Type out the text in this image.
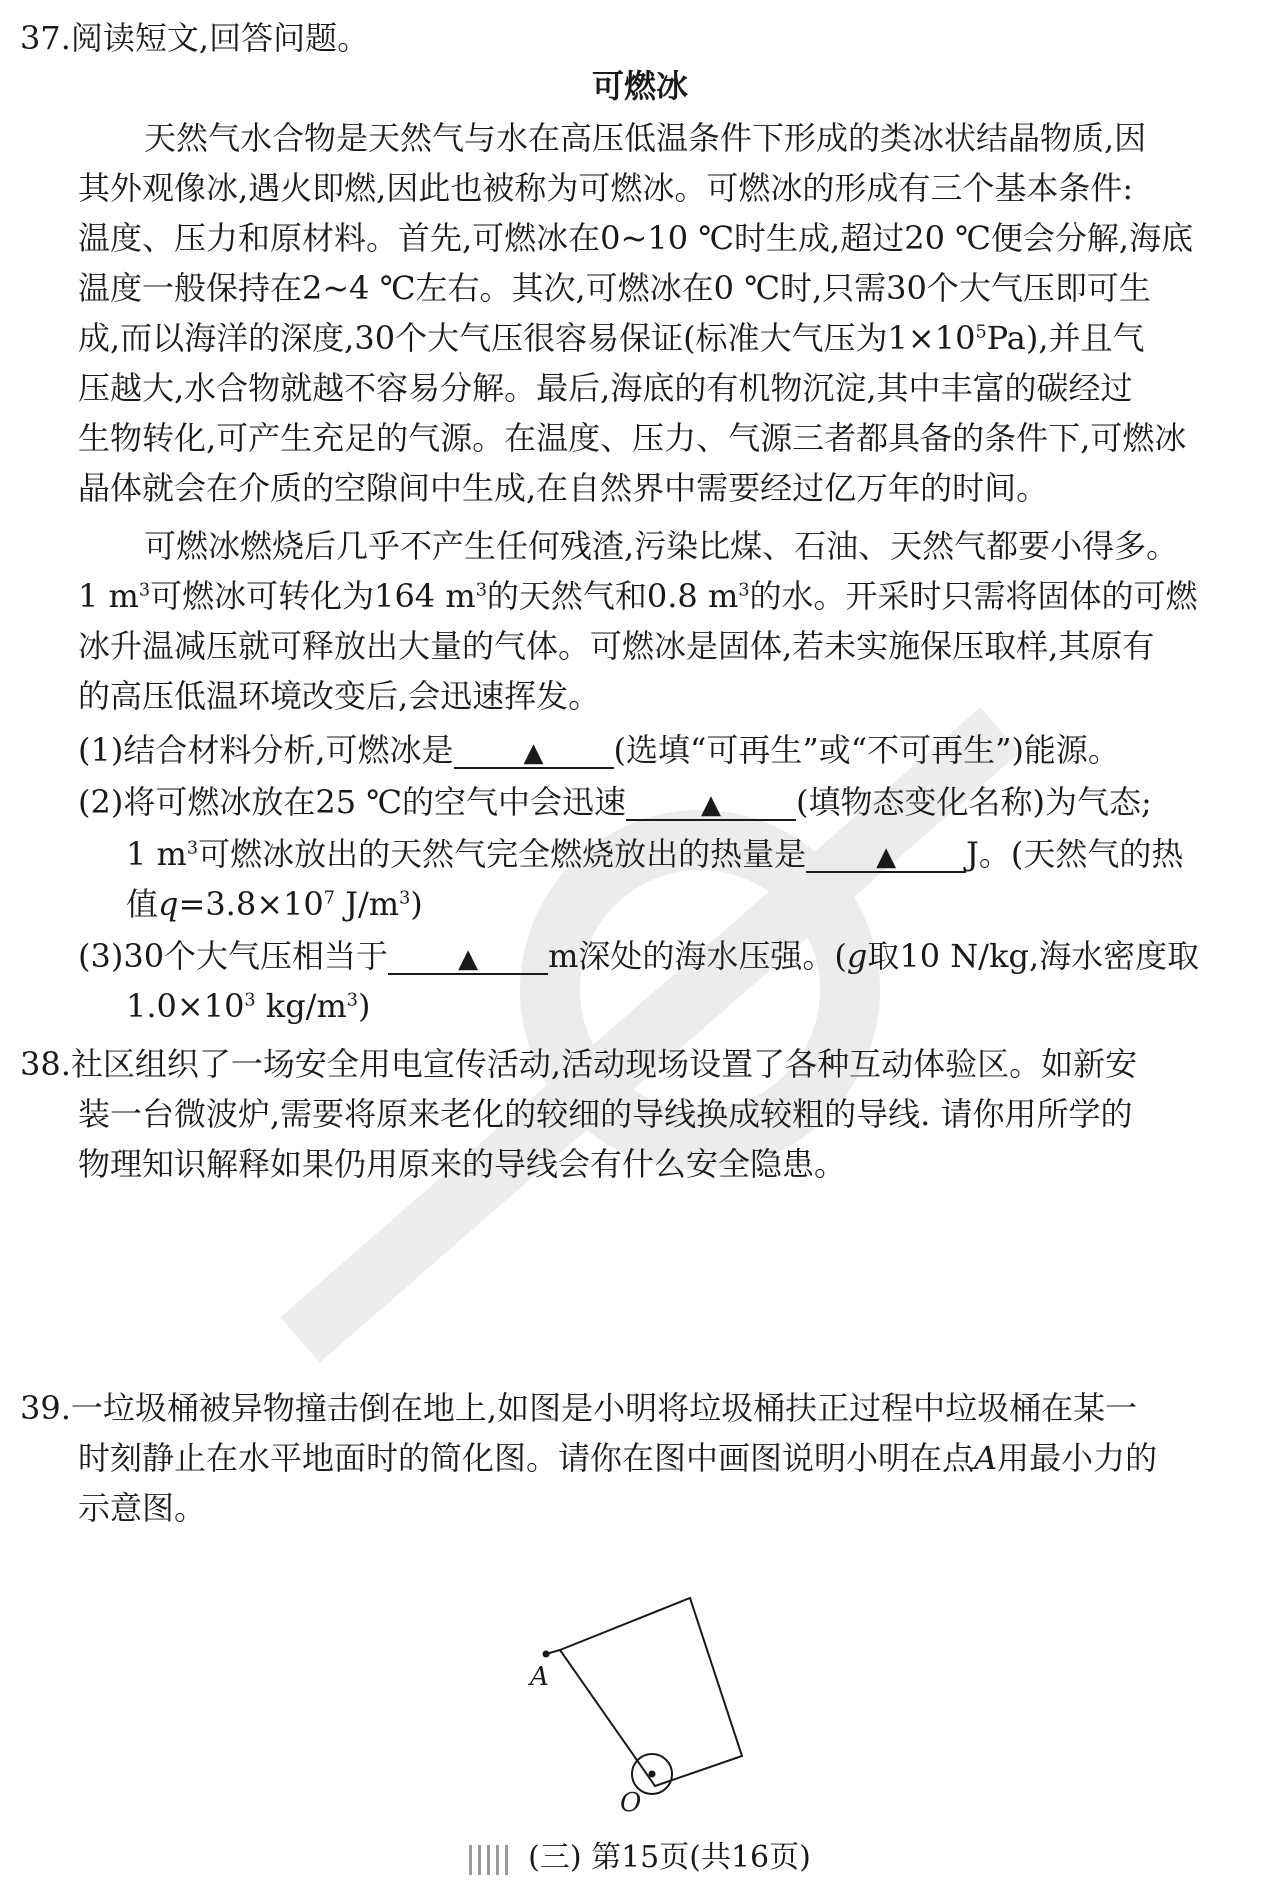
37.阅读短文,回答问题。
可燃冰
天然气水合物是天然气与水在高压低温条件下形成的类冰状结晶物质,因
其外观像冰,遇火即燃,因此也被称为可燃冰。可燃冰的形成有三个基本条件:
温度、压力和原材料。首先,可燃冰在0~10 ℃时生成,超过20 ℃便会分解,海底
温度一般保持在2~4 ℃左右。其次,可燃冰在0 ℃时,只需30个大气压即可生
成,而以海洋的深度,30个大气压很容易保证(标准大气压为$1\times 10^5Pa$),并且气
压越大,水合物就越不容易分解。最后,海底的有机物沉淀,其中丰富的碳经过
生物转化,可产生充足的气源。在温度、压力、气源三者都具备的条件下,可燃冰
晶体就会在介质的空隙间中生成,在自然界中需要经过亿万年的时间。
可燃冰燃烧后几乎不产生任何残渣,污染比煤、石油、天然气都要小得多。
1 $m^3$可燃冰可转化为164 $m^3$的天然气和0.8 $m^3$的水。开采时只需将固体的可燃
冰升温减压就可释放出大量的气体。可燃冰是固体,若未实施保压取样,其原有
的高压低温环境改变后,会迅速挥发。
(1)结合材料分析,可燃冰是	▲ (选填“可再生”或“不可再生”)能源。
(2)将可燃冰放在25 ℃的空气中会迅速	▲ (填物态变化名称)为气态;
1 $m^3$可燃冰放出的天然气完全燃烧放出的热量是	▲ J。(天然气的热
值$q=3.8\times 10^7$ $J/m^3$)
(3)30个大气压相当于	▲ m深处的海水压强。(g取10 N/kg,海水密度取
$1.0\times 10^3$ $kg/m^3$)
38.社区组织了一场安全用电宣传活动,活动现场设置了各种互动体验区。如新安
装一台微波炉,需要将原来老化的较细的导线换成较粗的导线. 请你用所学的
物理知识解释如果仍用原来的导线会有什么安全隐患。
39.一垃圾桶被异物撞击倒在地上,如图是小明将垃圾桶扶正过程中垃圾桶在某一
时刻静止在水平地面时的简化图。请你在图中画图说明小明在点A用最小力的
示意图。
A
O
(三) 第15页(共16页)
